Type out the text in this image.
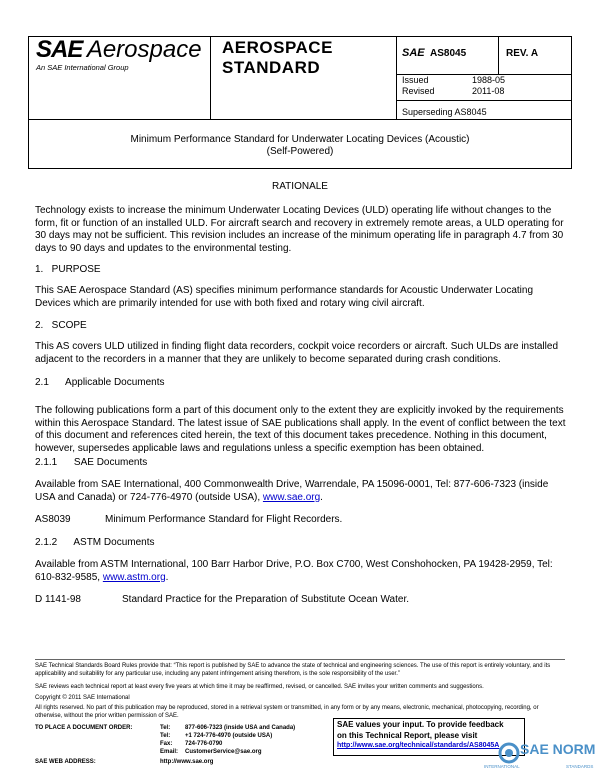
SAE Aerospace
An SAE International Group
AEROSPACE
STANDARD
SAE AS8045	REV. A
Issued	1988-05
Revised	2011-08
Superseding AS8045
Minimum Performance Standard for Underwater Locating Devices (Acoustic)
(Self-Powered)
RATIONALE
Technology exists to increase the minimum Underwater Locating Devices (ULD) operating life without changes to the form, fit or function of an installed ULD. For aircraft search and recovery in extremely remote areas, a ULD operating for 30 days may not be sufficient. This revision includes an increase of the minimum operating life in paragraph 4.7 from 30 days to 90 days and updates to the environmental testing.
1.   PURPOSE
This SAE Aerospace Standard (AS) specifies minimum performance standards for Acoustic Underwater Locating Devices which are primarily intended for use with both fixed and rotary wing civil aircraft.
2.   SCOPE
This AS covers ULD utilized in finding flight data recorders, cockpit voice recorders or aircraft. Such ULDs are installed adjacent to the recorders in a manner that they are unlikely to become separated during crash conditions.
2.1      Applicable Documents
The following publications form a part of this document only to the extent they are explicitly invoked by the requirements within this Aerospace Standard. The latest issue of SAE publications shall apply. In the event of conflict between the text of this document and references cited herein, the text of this document takes precedence. Nothing in this document, however, supersedes applicable laws and regulations unless a specific exemption has been obtained.
2.1.1      SAE Documents
Available from SAE International, 400 Commonwealth Drive, Warrendale, PA 15096-0001, Tel: 877-606-7323 (inside USA and Canada) or 724-776-4970 (outside USA), www.sae.org.
AS8039	Minimum Performance Standard for Flight Recorders.
2.1.2      ASTM Documents
Available from ASTM International, 100 Barr Harbor Drive, P.O. Box C700, West Conshohocken, PA 19428-2959, Tel: 610-832-9585, www.astm.org.
D 1141-98	Standard Practice for the Preparation of Substitute Ocean Water.
SAE Technical Standards Board Rules provide that: “This report is published by SAE to advance the state of technical and engineering sciences. The use of this report is entirely voluntary, and its applicability and suitability for any particular use, including any patent infringement arising therefrom, is the sole responsibility of the user.”
SAE reviews each technical report at least every five years at which time it may be reaffirmed, revised, or cancelled. SAE invites your written comments and suggestions.
Copyright © 2011 SAE International
All rights reserved. No part of this publication may be reproduced, stored in a retrieval system or transmitted, in any form or by any means, electronic, mechanical, photocopying, recording, or otherwise, without the prior written permission of SAE.
TO PLACE A DOCUMENT ORDER:	Tel: 877-606-7323 (inside USA and Canada)
Tel: +1 724-776-4970 (outside USA)
Fax: 724-776-0790
Email: CustomerService@sae.org
SAE WEB ADDRESS:	http://www.sae.org
SAE values your input. To provide feedback
on this Technical Report, please visit
http://www.sae.org/technical/standards/AS8045A SAE NORM
INTERNATIONAL	STANDARDS
